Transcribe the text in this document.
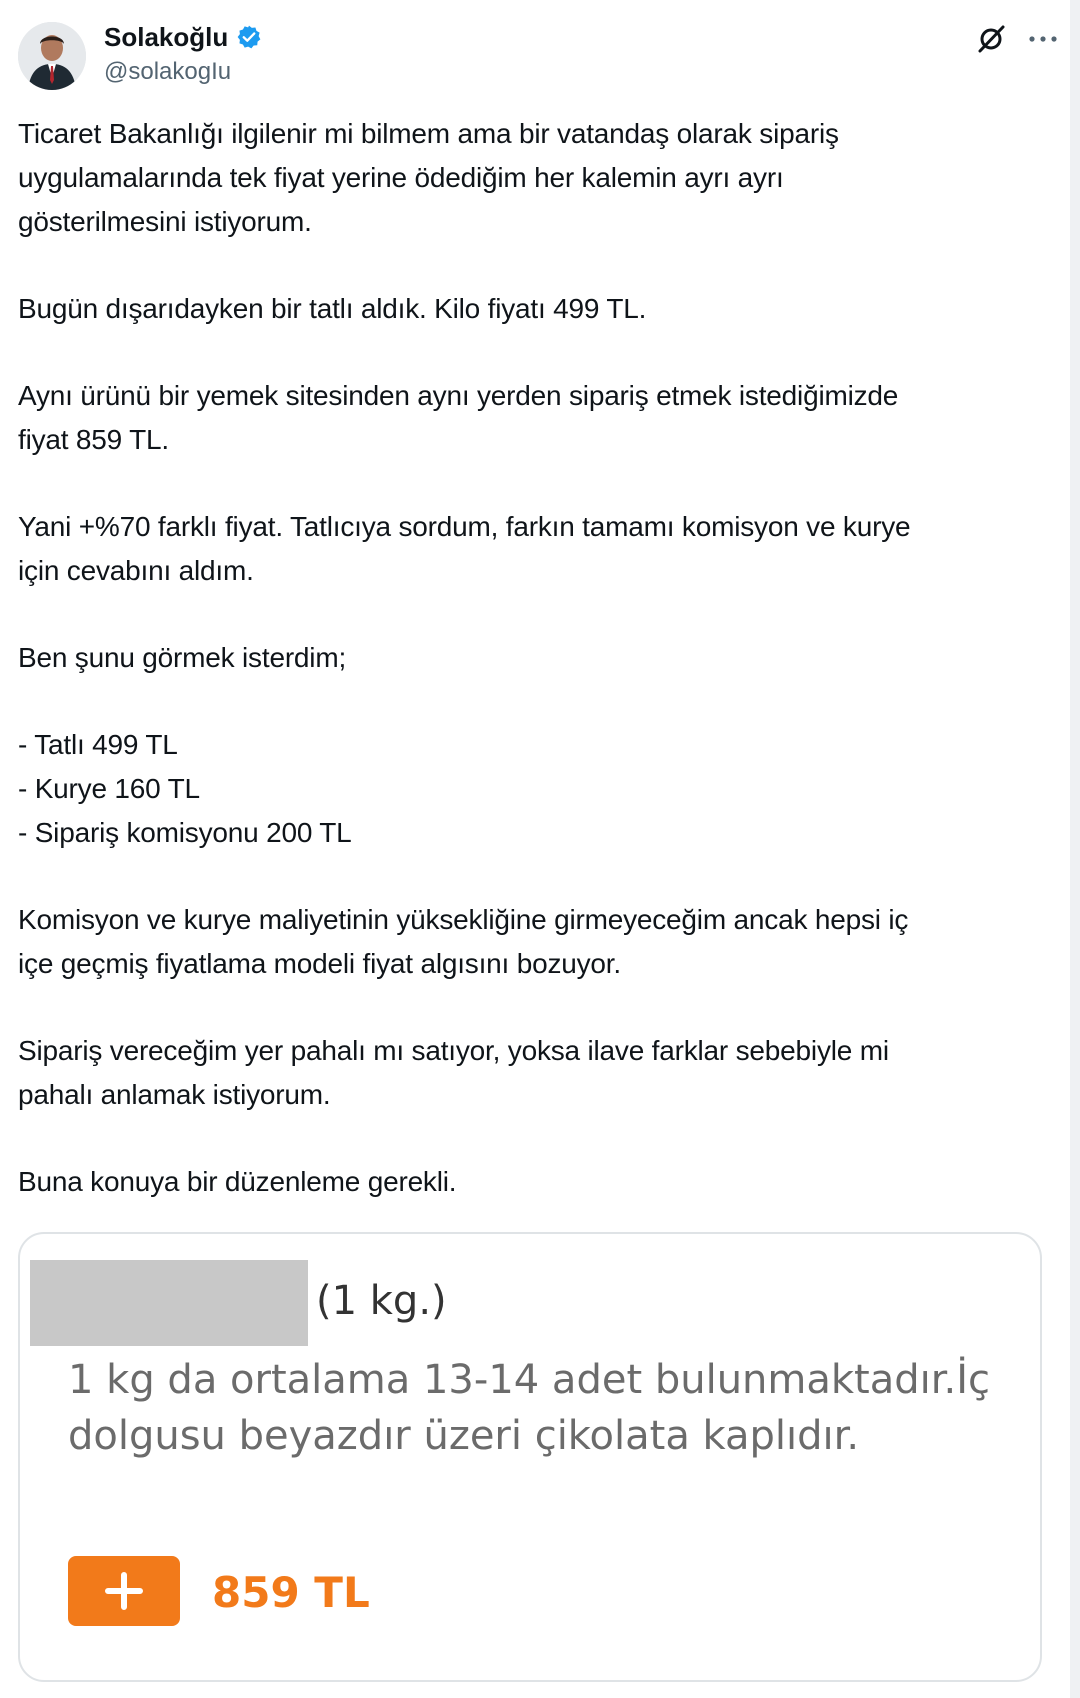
Solakoğlu
@solakogIu

Ticaret Bakanlığı ilgilenir mi bilmem ama bir vatandaş olarak sipariş
uygulamalarında tek fiyat yerine ödediğim her kalemin ayrı ayrı
gösterilmesini istiyorum.

Bugün dışarıdayken bir tatlı aldık. Kilo fiyatı 499 TL.

Aynı ürünü bir yemek sitesinden aynı yerden sipariş etmek istediğimizde
fiyat 859 TL.

Yani +%70 farklı fiyat. Tatlıcıya sordum, farkın tamamı komisyon ve kurye
için cevabını aldım.

Ben şunu görmek isterdim;

- Tatlı 499 TL
- Kurye 160 TL
- Sipariş komisyonu 200 TL

Komisyon ve kurye maliyetinin yüksekliğine girmeyeceğim ancak hepsi iç
içe geçmiş fiyatlama modeli fiyat algısını bozuyor.

Sipariş vereceğim yer pahalı mı satıyor, yoksa ilave farklar sebebiyle mi
pahalı anlamak istiyorum.

Buna konuya bir düzenleme gerekli.

(1 kg.)
1 kg da ortalama 13-14 adet bulunmaktadır.İç
dolgusu beyazdır üzeri çikolata kaplıdır.
859 TL
